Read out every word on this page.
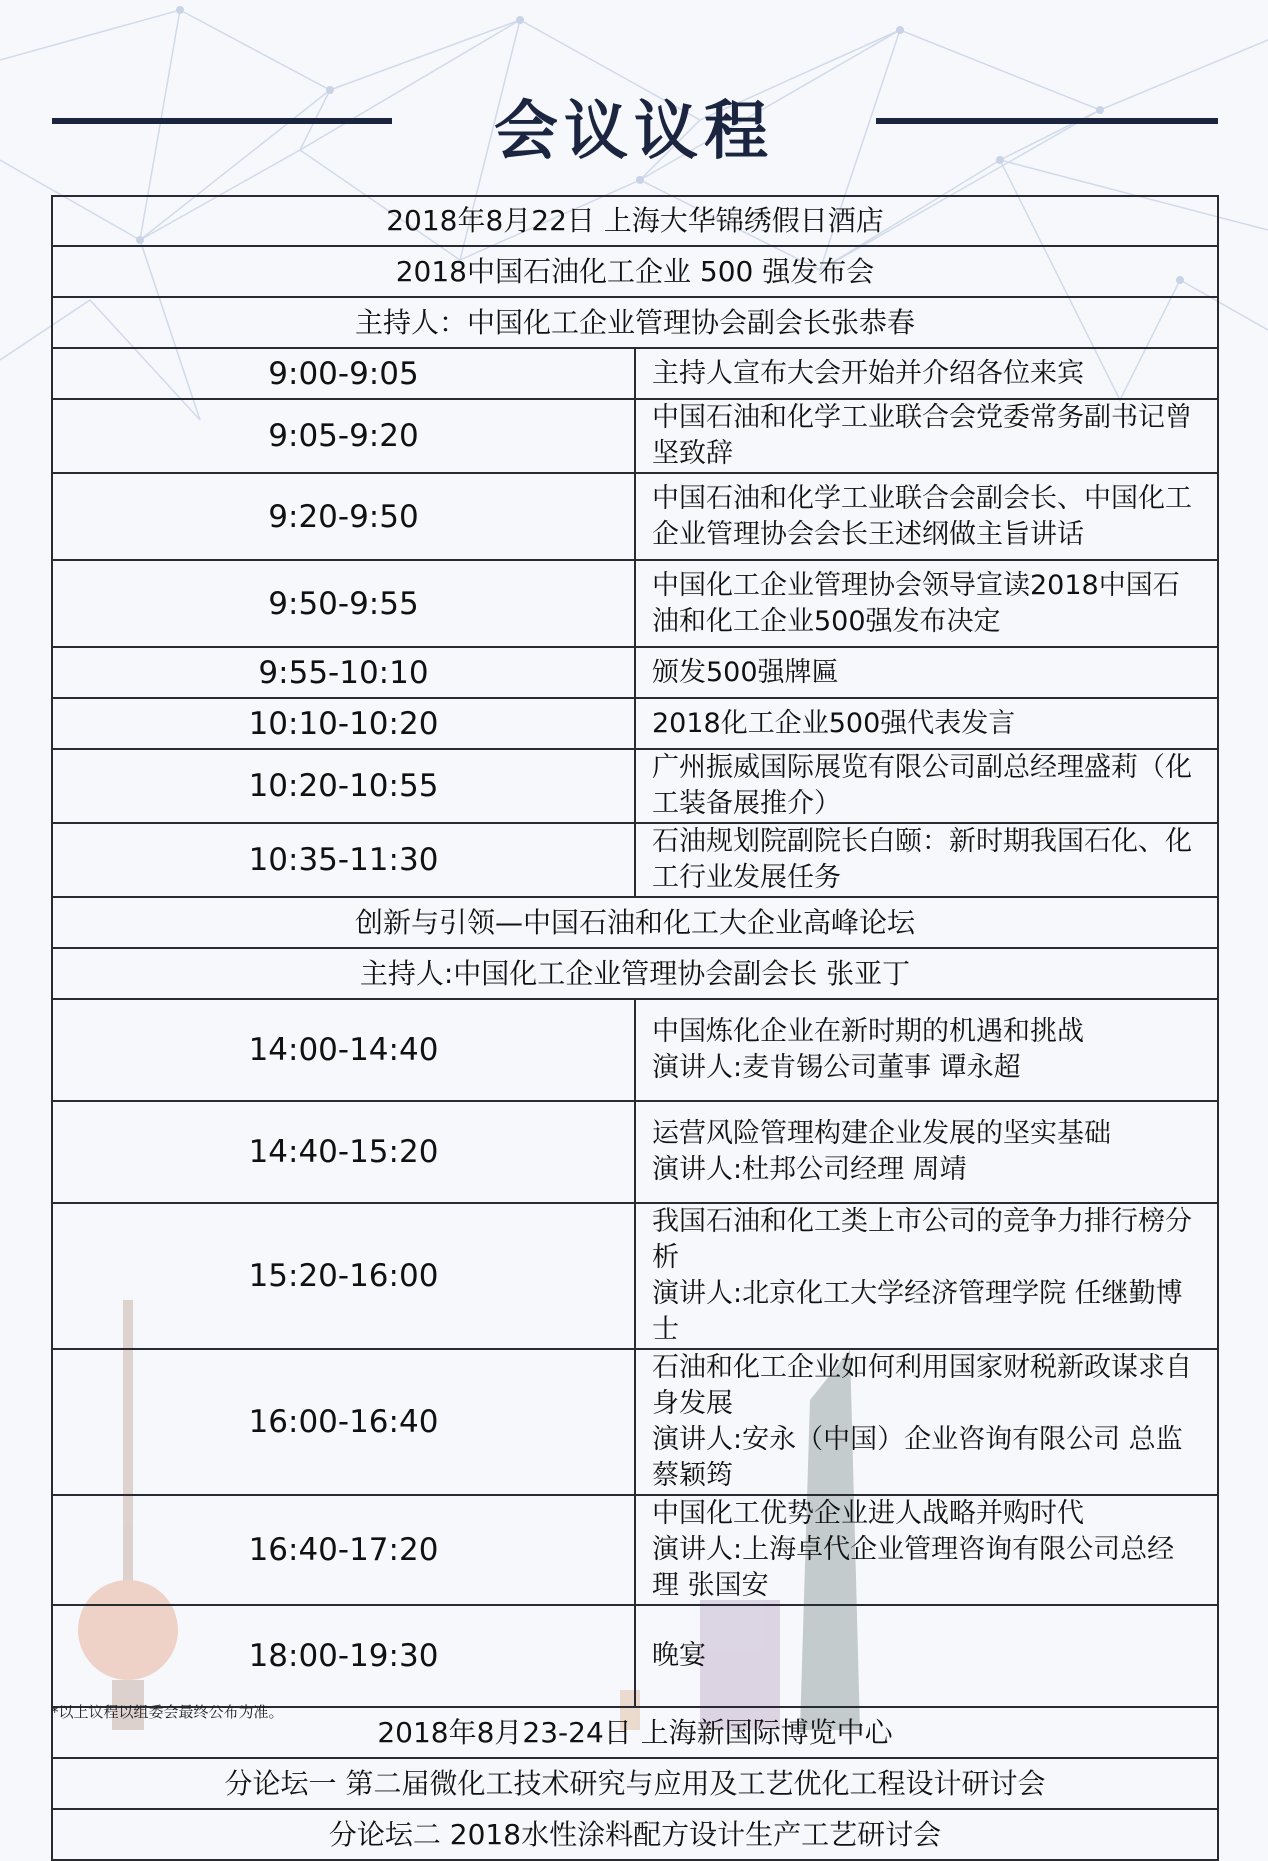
会议议程
2018年8月22日 上海大华锦绣假日酒店	
2018中国石油化工企业 500 强发布会	
主持人：中国化工企业管理协会副会长张恭春	
9:00-9:05	主持人宣布大会开始并介绍各位来宾
9:05-9:20	中国石油和化学工业联合会党委常务副书记曾坚致辞
9:20-9:50	中国石油和化学工业联合会副会长、中国化工企业管理协会会长王述纲做主旨讲话
9:50-9:55	中国化工企业管理协会领导宣读2018中国石油和化工企业500强发布决定
9:55-10:10	颁发500强牌匾
10:10-10:20	2018化工企业500强代表发言
10:20-10:55	广州振威国际展览有限公司副总经理盛莉（化工装备展推介）
10:35-11:30	石油规划院副院长白颐：新时期我国石化、化工行业发展任务
创新与引领—中国石油和化工大企业高峰论坛	
主持人:中国化工企业管理协会副会长 张亚丁	
14:00-14:40	中国炼化企业在新时期的机遇和挑战
演讲人:麦肯锡公司董事 谭永超

14:40-15:20	运营风险管理构建企业发展的坚实基础
演讲人:杜邦公司经理 周靖

15:20-16:00	我国石油和化工类上市公司的竞争力排行榜分析
演讲人:北京化工大学经济管理学院 任继勤博士

16:00-16:40	石油和化工企业如何利用国家财税新政谋求自身发展
演讲人:安永（中国）企业咨询有限公司 总监 蔡颖筠

16:40-17:20	中国化工优势企业进人战略并购时代
演讲人:上海卓代企业管理咨询有限公司总经理 张国安

18:00-19:30	晚宴

2018年8月23-24日 上海新国际博览中心	
分论坛一 第二届微化工技术研究与应用及工艺优化工程设计研讨会	
分论坛二 2018水性涂料配方设计生产工艺研讨会	
*以上议程以组委会最终公布为准。
